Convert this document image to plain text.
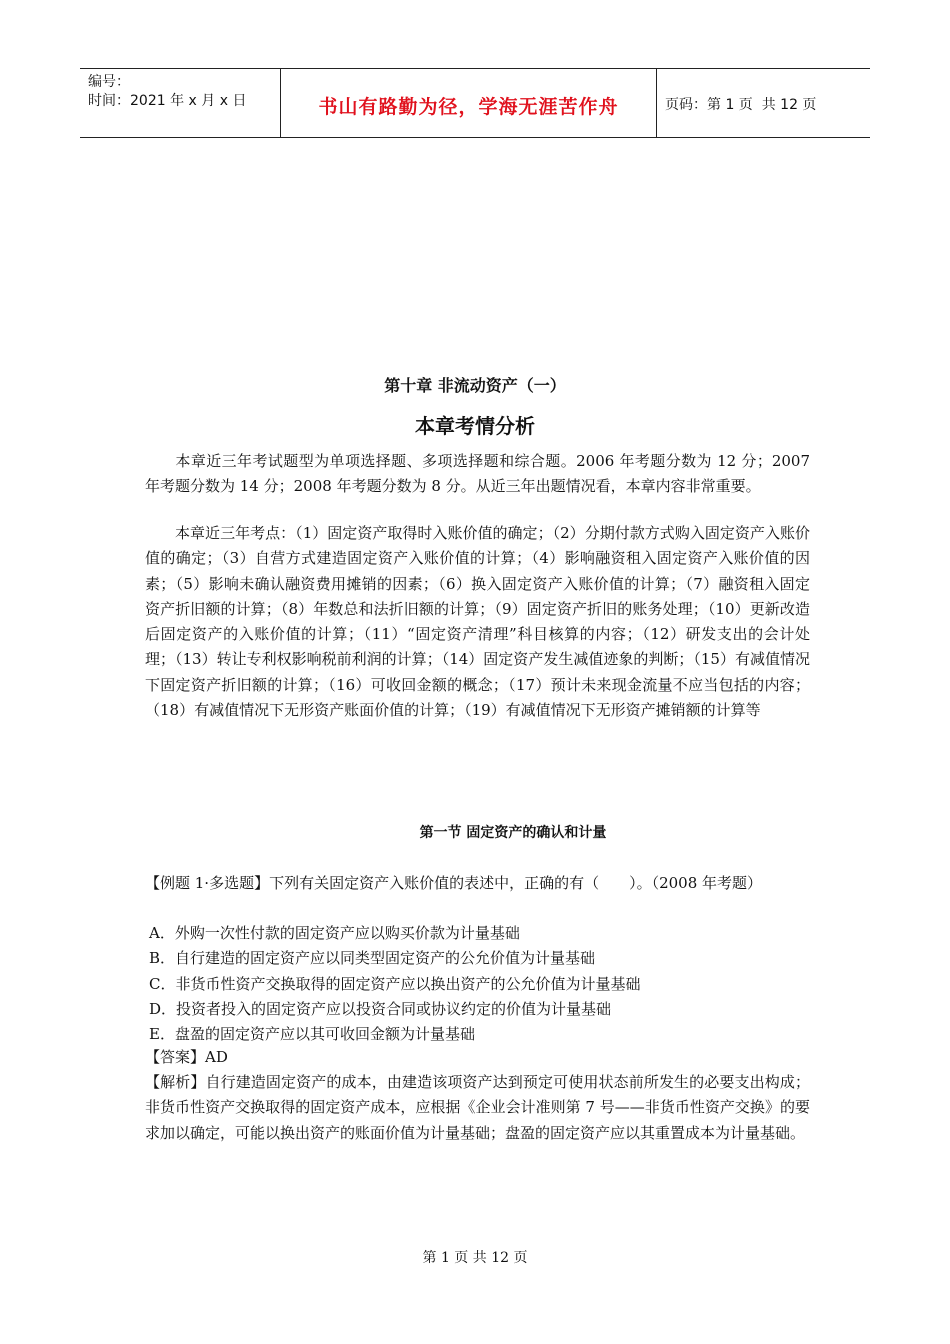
编号：
时间：2021 年 x 月 x 日	书山有路勤为径，学海无涯苦作舟	页码：第 1 页  共 12 页
第十章 非流动资产（一）
本章考情分析
本章近三年考试题型为单项选择题、多项选择题和综合题。2006 年考题分数为 12 分；2007 年考题分数为 14 分；2008 年考题分数为 8 分。从近三年出题情况看，本章内容非常重要。
本章近三年考点：（1）固定资产取得时入账价值的确定；（2）分期付款方式购入固定资产入账价值的确定；（3）自营方式建造固定资产入账价值的计算；（4）影响融资租入固定资产入账价值的因素；（5）影响未确认融资费用摊销的因素；（6）换入固定资产入账价值的计算；（7）融资租入固定资产折旧额的计算；（8）年数总和法折旧额的计算；（9）固定资产折旧的账务处理；（10）更新改造后固定资产的入账价值的计算；（11）“固定资产清理”科目核算的内容；（12）研发支出的会计处理；（13）转让专利权影响税前利润的计算；（14）固定资产发生减值迹象的判断；（15）有减值情况下固定资产折旧额的计算；（16）可收回金额的概念；（17）预计未来现金流量不应当包括的内容；（18）有减值情况下无形资产账面价值的计算；（19）有减值情况下无形资产摊销额的计算等
第一节 固定资产的确认和计量
【例题 1·多选题】下列有关固定资产入账价值的表述中，正确的有（　　）。（2008 年考题）
A．外购一次性付款的固定资产应以购买价款为计量基础
B．自行建造的固定资产应以同类型固定资产的公允价值为计量基础
C．非货币性资产交换取得的固定资产应以换出资产的公允价值为计量基础
D．投资者投入的固定资产应以投资合同或协议约定的价值为计量基础
E．盘盈的固定资产应以其可收回金额为计量基础
【答案】AD
【解析】自行建造固定资产的成本，由建造该项资产达到预定可使用状态前所发生的必要支出构成；非货币性资产交换取得的固定资产成本，应根据《企业会计准则第 7 号——非货币性资产交换》的要求加以确定，可能以换出资产的账面价值为计量基础；盘盈的固定资产应以其重置成本为计量基础。
第 1 页 共 12 页
